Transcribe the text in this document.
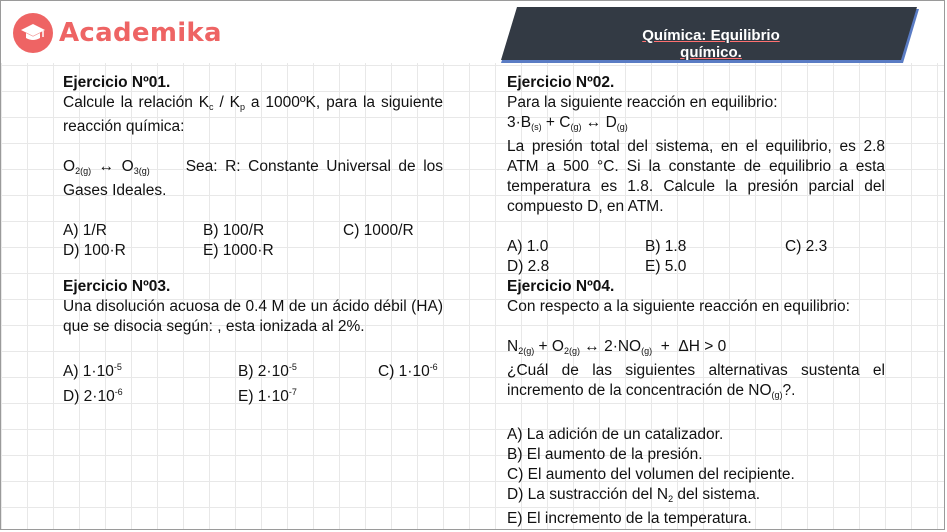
Academika	Química: Equilibrio químico.
Ejercicio Nº01.
Calcule la relación $K_c / K_p$ a 1000ºK, para la siguiente reacción química:
$O_{2(g)}$ ↔ $O_{3(g)}$ Sea: R: Constante Universal de los Gases Ideales.
A) 1/R	B) 100/R	C) 1000/R
D) 100·R	E) 1000·R
Ejercicio Nº03.
Una disolución acuosa de 0.4 M de un ácido débil (HA) que se disocia según: , esta ionizada al 2%.
A) $1\cdot 10^{-5}$	B) $2\cdot 10^{-5}$	C) $1\cdot 10^{-6}$
D) $2\cdot 10^{-6}$	E) $1\cdot 10^{-7}$
Ejercicio Nº02.
Para la siguiente reacción en equilibrio:
$3\cdot B_{(s)} + C_{(g)}$ ↔ $D_{(g)}$
La presión total del sistema, en el equilibrio, es 2.8 ATM a 500 °C. Si la constante de equilibrio a esta temperatura es 1.8. Calcule la presión parcial del compuesto D, en ATM.
A) 1.0	B) 1.8	C) 2.3
D) 2.8	E) 5.0
Ejercicio Nº04.
Con respecto a la siguiente reacción en equilibrio:
$N_{2(g)} + O_{2(g)}$ ↔ $2\cdot NO_{(g)} + \Delta H > 0$
¿Cuál de las siguientes alternativas sustenta el incremento de la concentración de $NO_{(g)}$?.
A) La adición de un catalizador.
B) El aumento de la presión.
C) El aumento del volumen del recipiente.
D) La sustracción del $N_2$ del sistema.
E) El incremento de la temperatura.
